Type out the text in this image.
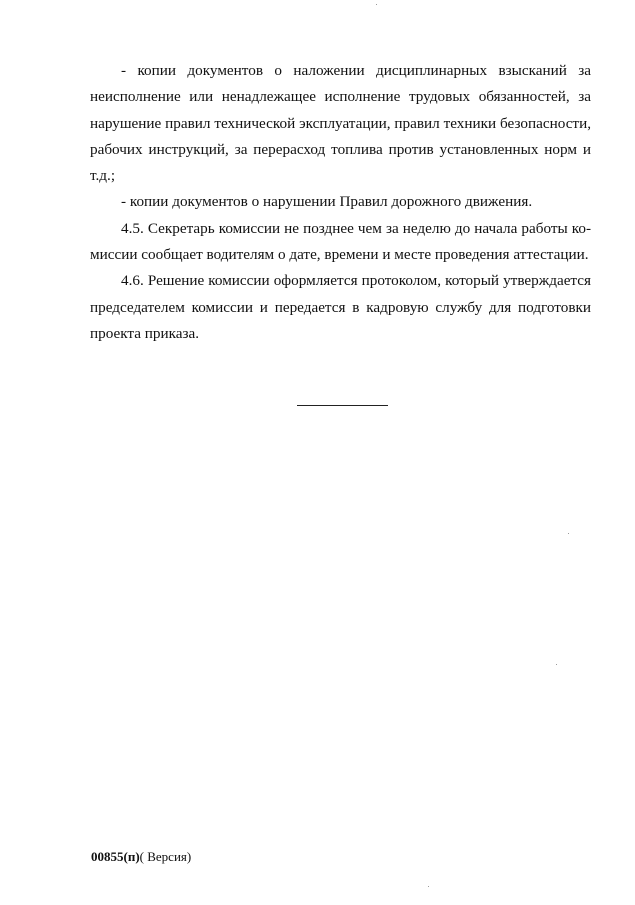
- копии документов о наложении дисциплинарных взысканий за неисполнение или ненадлежащее исполнение трудовых обязанностей, за нарушение правил технической эксплуатации, правил техники безопасности, рабочих инструкций, за перерасход топлива против установленных норм и т.д.;

- копии документов о нарушении Правил дорожного движения.

4.5. Секретарь комиссии не позднее чем за неделю до начала работы комиссии сообщает водителям о дате, времени и месте проведения аттестации.

4.6. Решение комиссии оформляется протоколом, который утверждается председателем комиссии и передается в кадровую службу для подготовки проекта приказа.

00855(п)( Версия)
